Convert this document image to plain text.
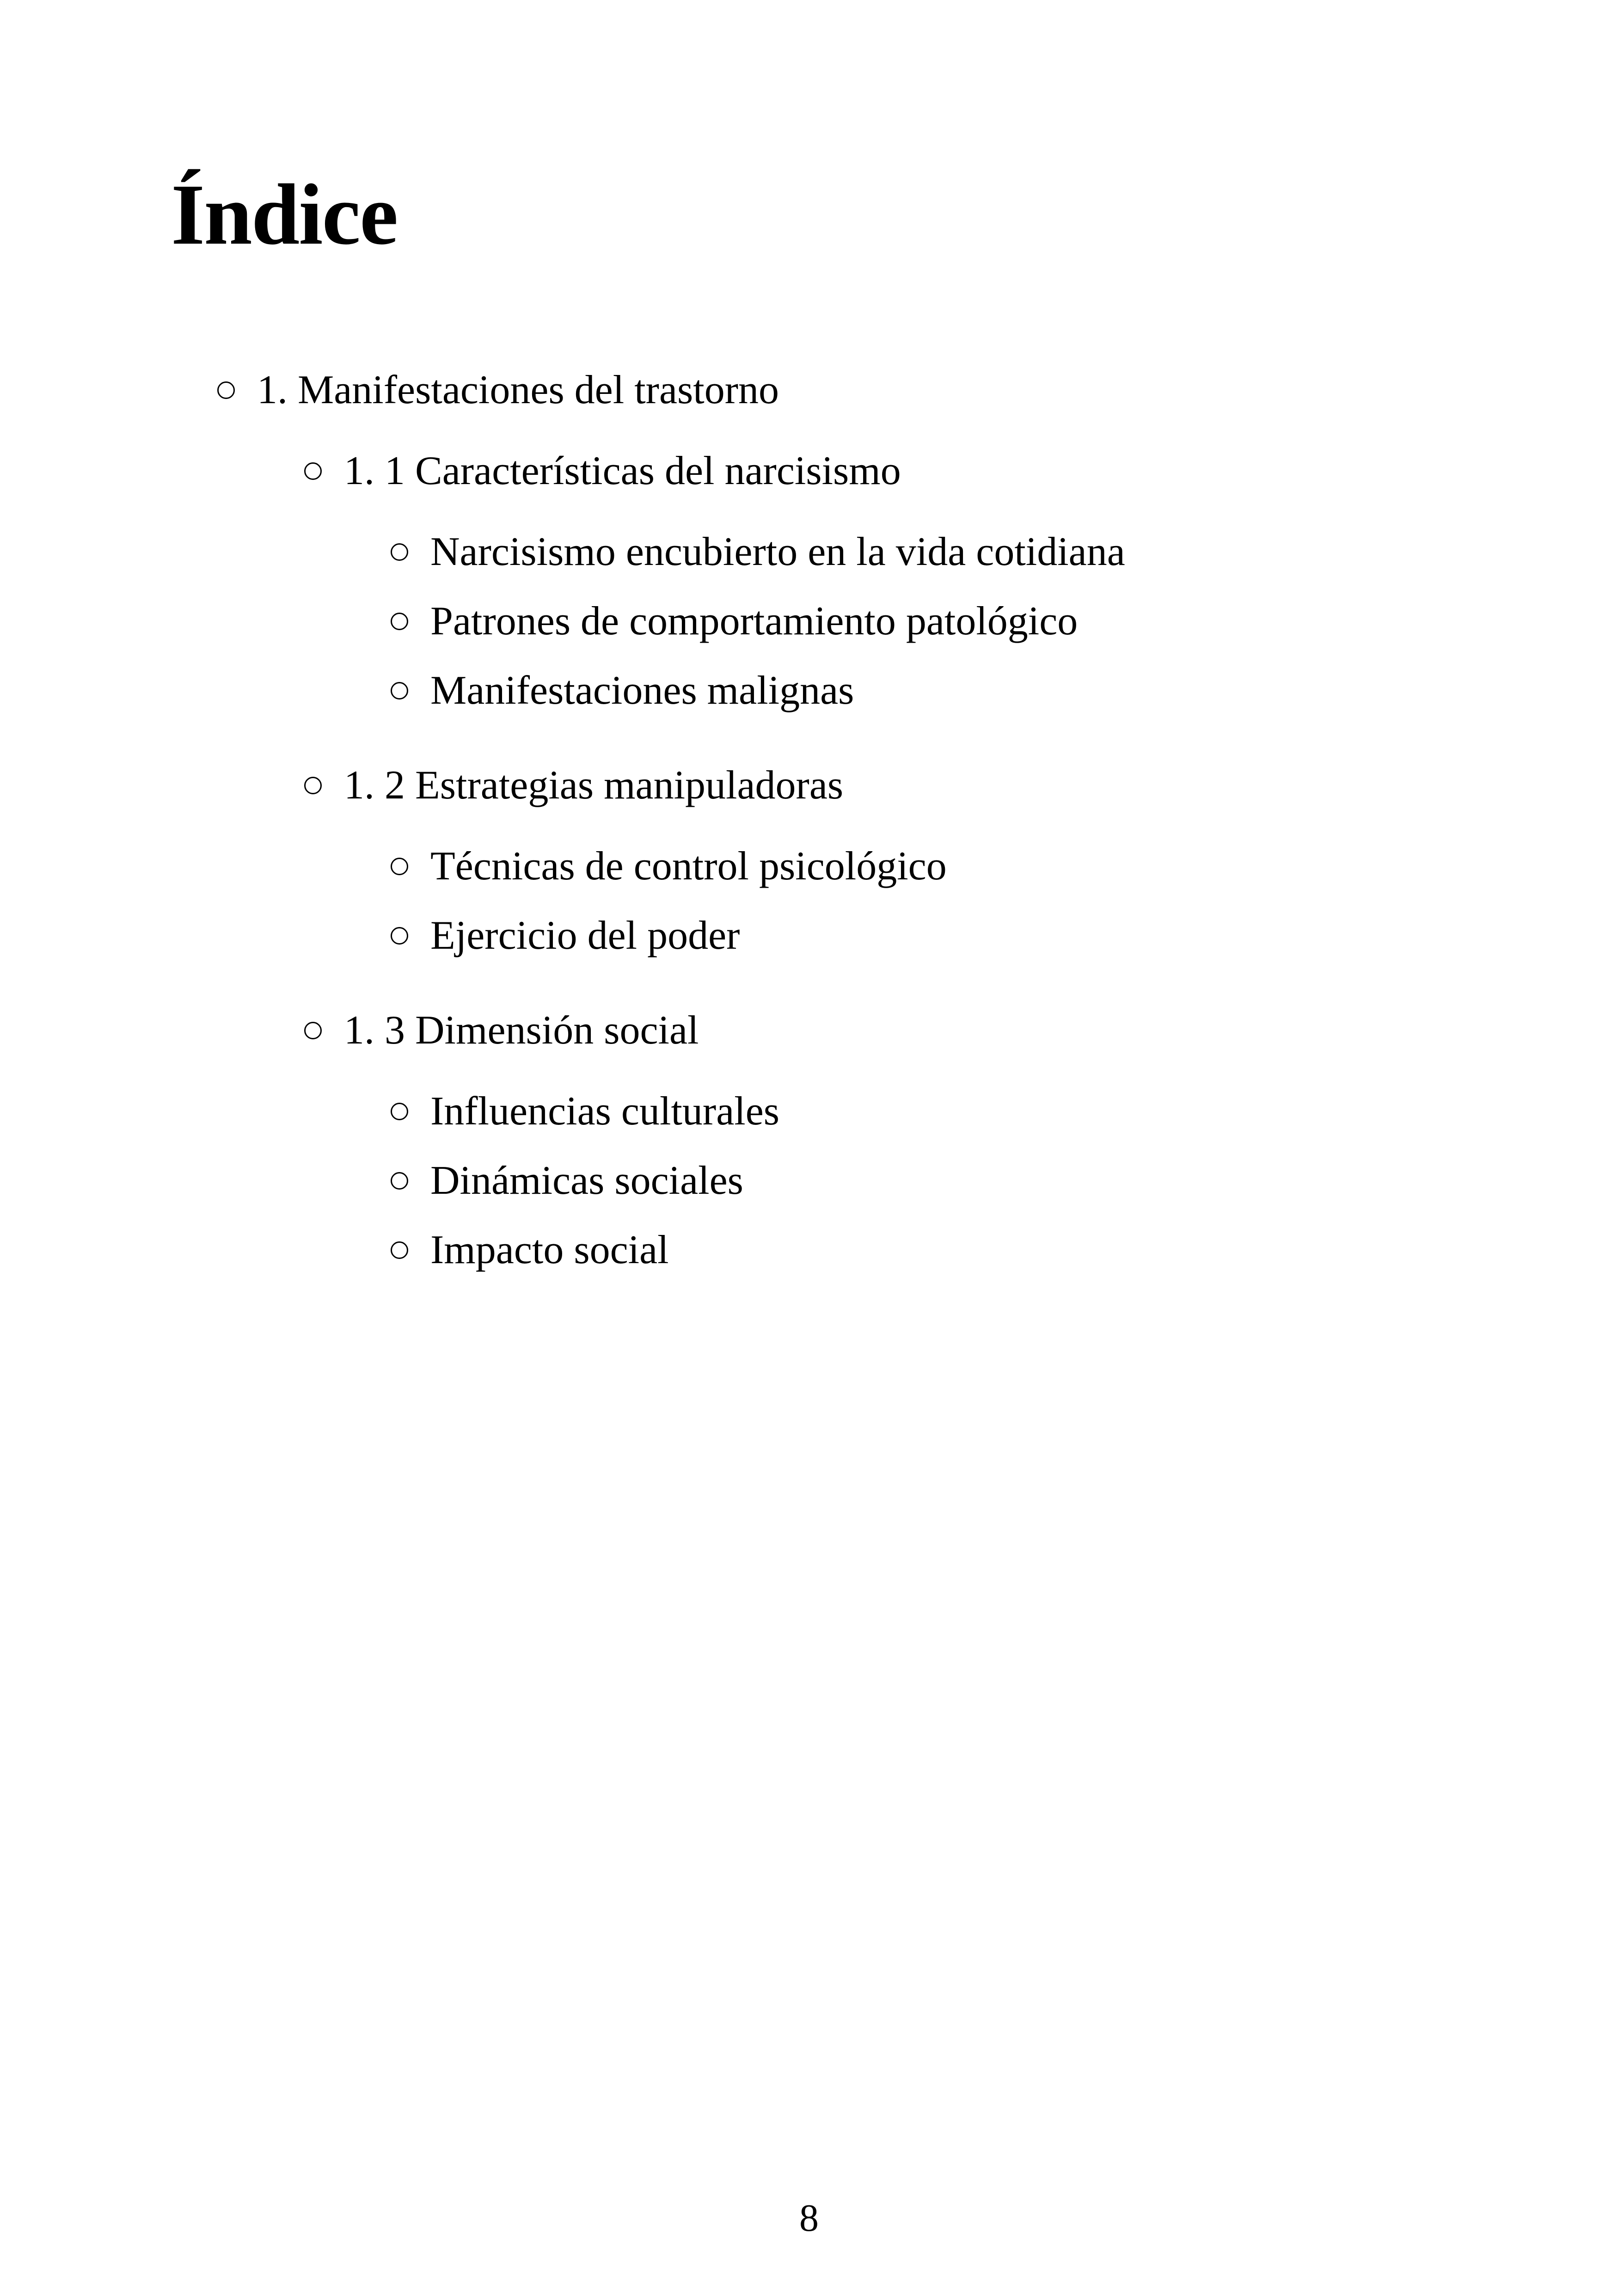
Índice
1. Manifestaciones del trastorno
1. 1 Características del narcisismo
Narcisismo encubierto en la vida cotidiana
Patrones de comportamiento patológico
Manifestaciones malignas
1. 2 Estrategias manipuladoras
Técnicas de control psicológico
Ejercicio del poder
1. 3 Dimensión social
Influencias culturales
Dinámicas sociales
Impacto social
8
